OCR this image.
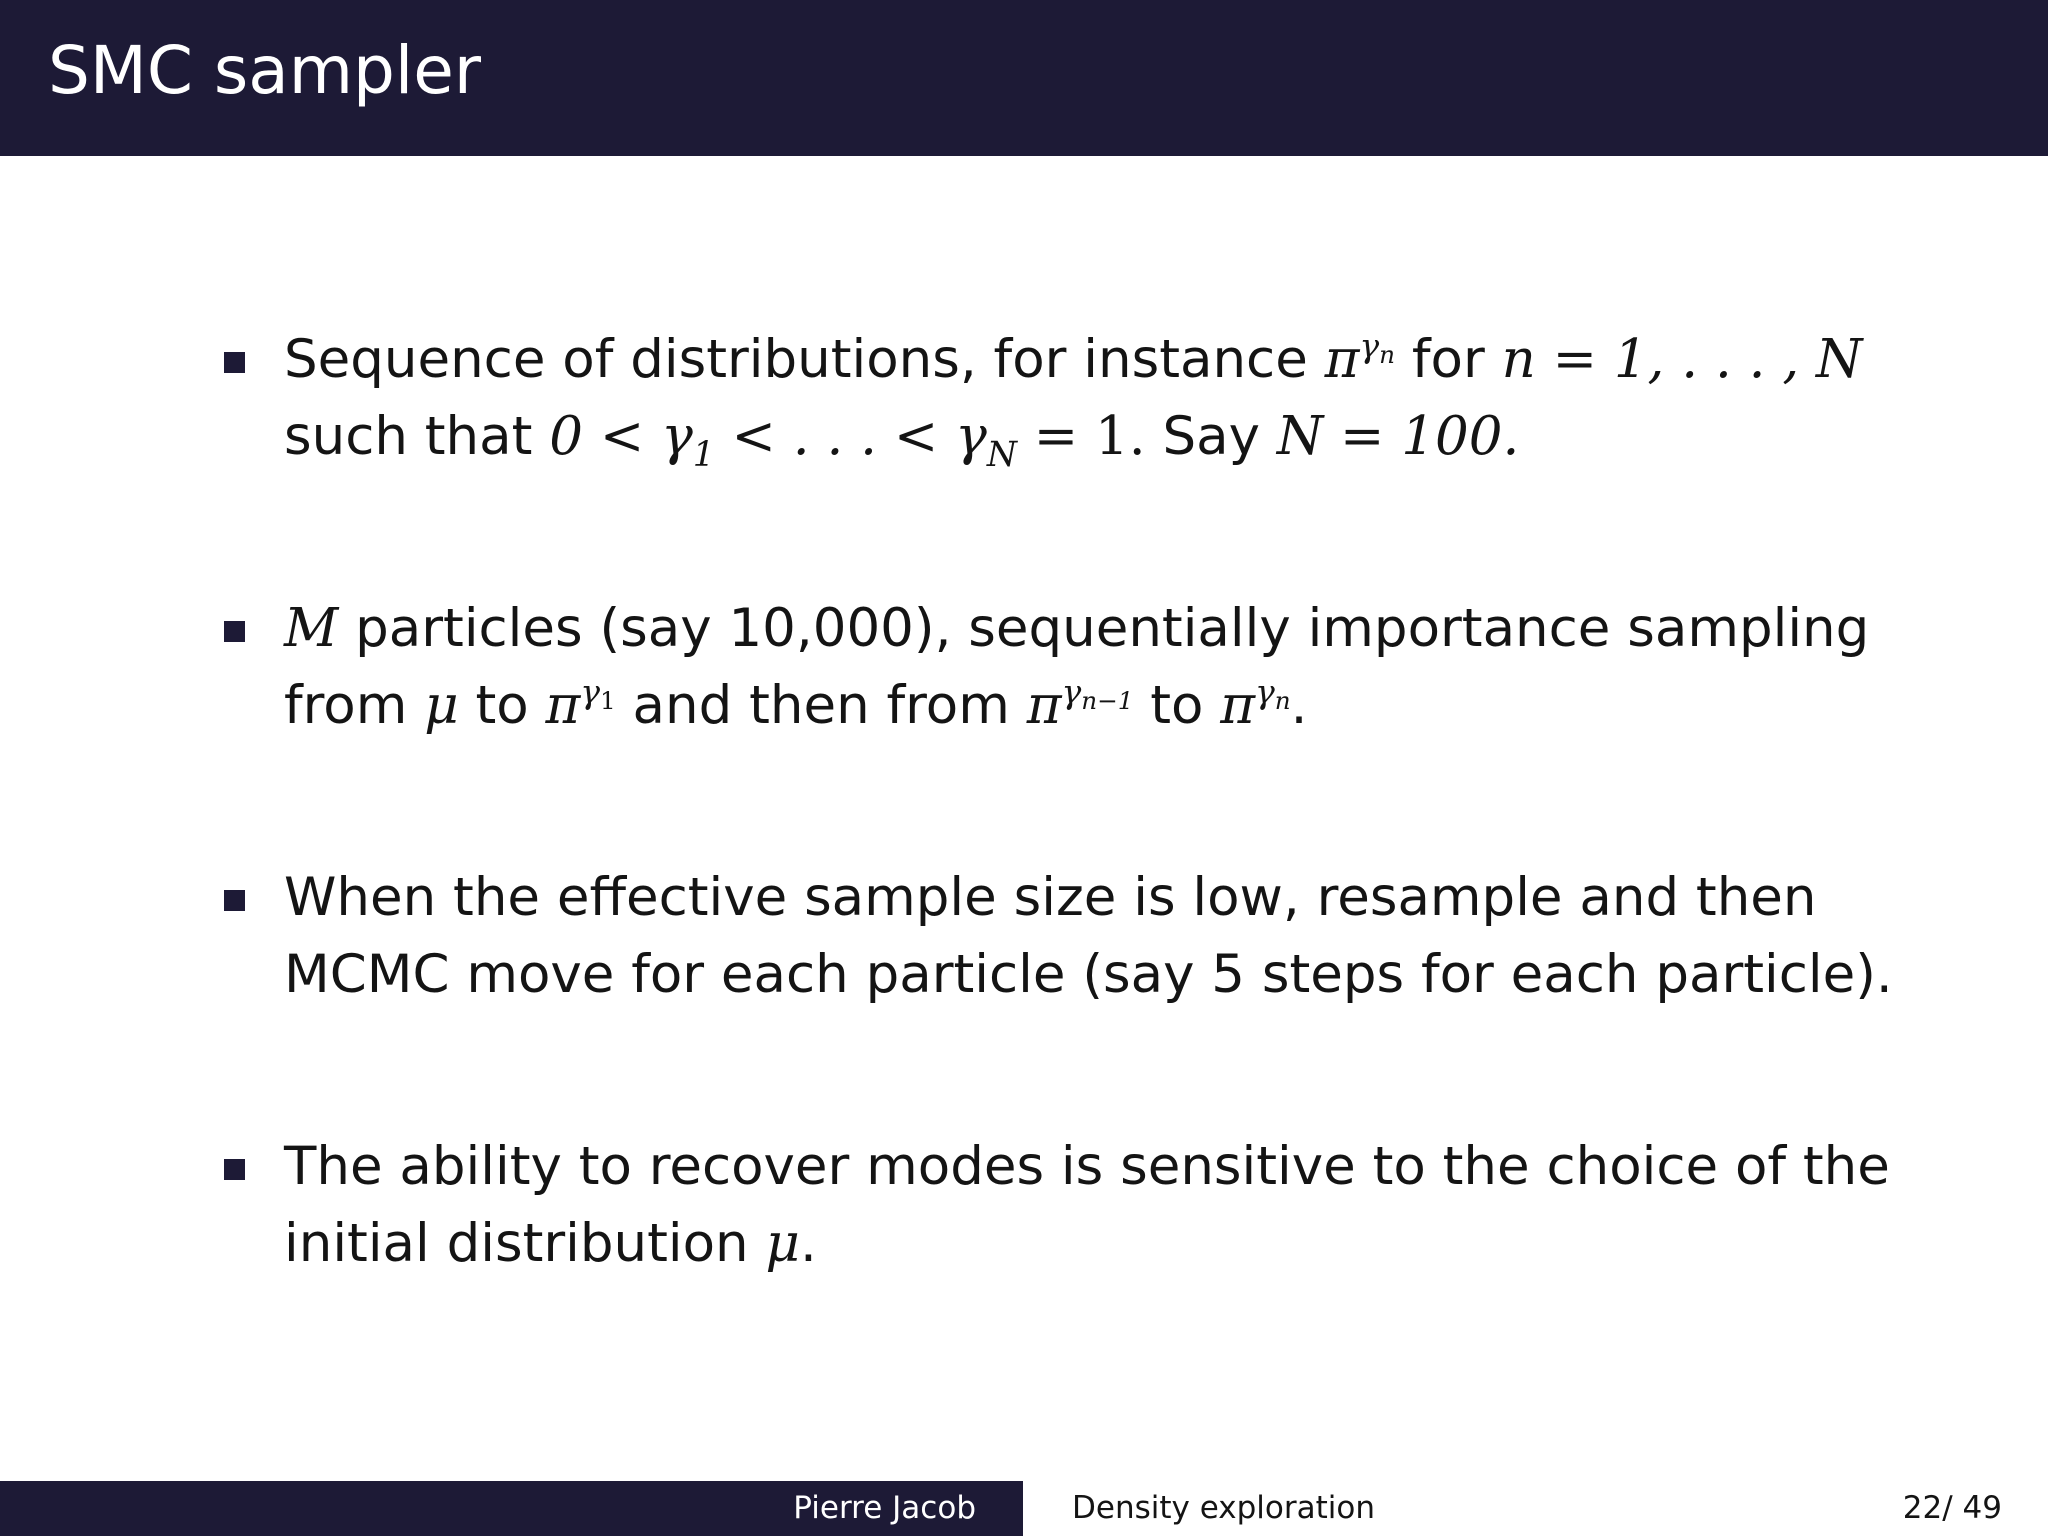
SMC sampler
Sequence of distributions, for instance $\pi^{\gamma n}$ for n = 1, . . . , N
such that $0 < \gamma_1$ < . . . < $\gamma_N = 1$. Say N = 100.
M particles (say 10,000), sequentially importance sampling
from μ to $\pi^{\gamma 1}$ and then from $\pi^{\gamma n-1}$ to $\pi^{\gamma n}$.
When the effective sample size is low, resample and then
MCMC move for each particle (say 5 steps for each particle).
The ability to recover modes is sensitive to the choice of the
initial distribution μ.
Pierre Jacob	Density exploration	22/ 49
